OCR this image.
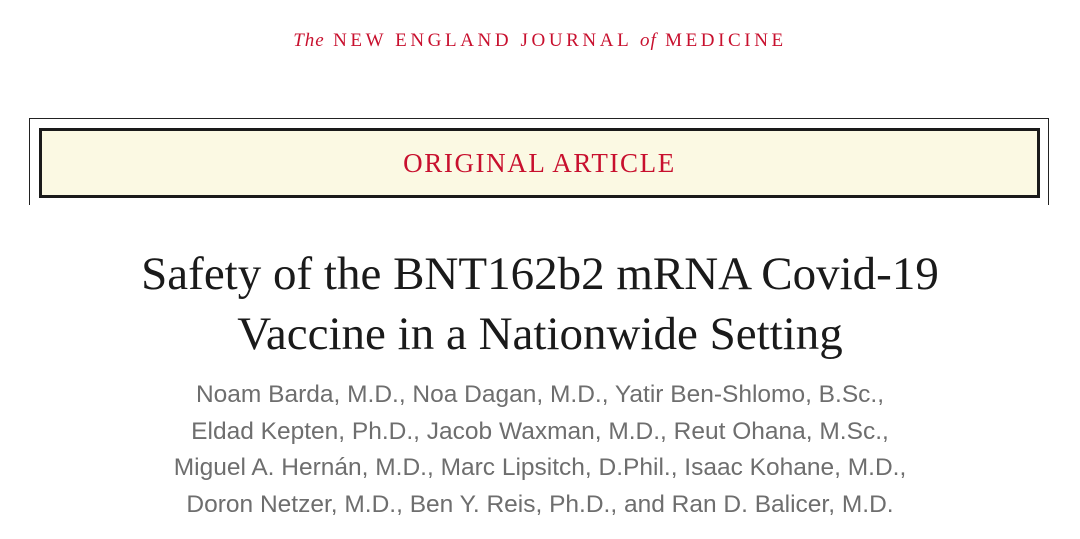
The NEW ENGLAND JOURNAL of MEDICINE
ORIGINAL ARTICLE
Safety of the BNT162b2 mRNA Covid-19
Vaccine in a Nationwide Setting

Noam Barda, M.D., Noa Dagan, M.D., Yatir Ben-Shlomo, B.Sc.,
Eldad Kepten, Ph.D., Jacob Waxman, M.D., Reut Ohana, M.Sc.,
Miguel A. Hernán, M.D., Marc Lipsitch, D.Phil., Isaac Kohane, M.D.,
Doron Netzer, M.D., Ben Y. Reis, Ph.D., and Ran D. Balicer, M.D.
